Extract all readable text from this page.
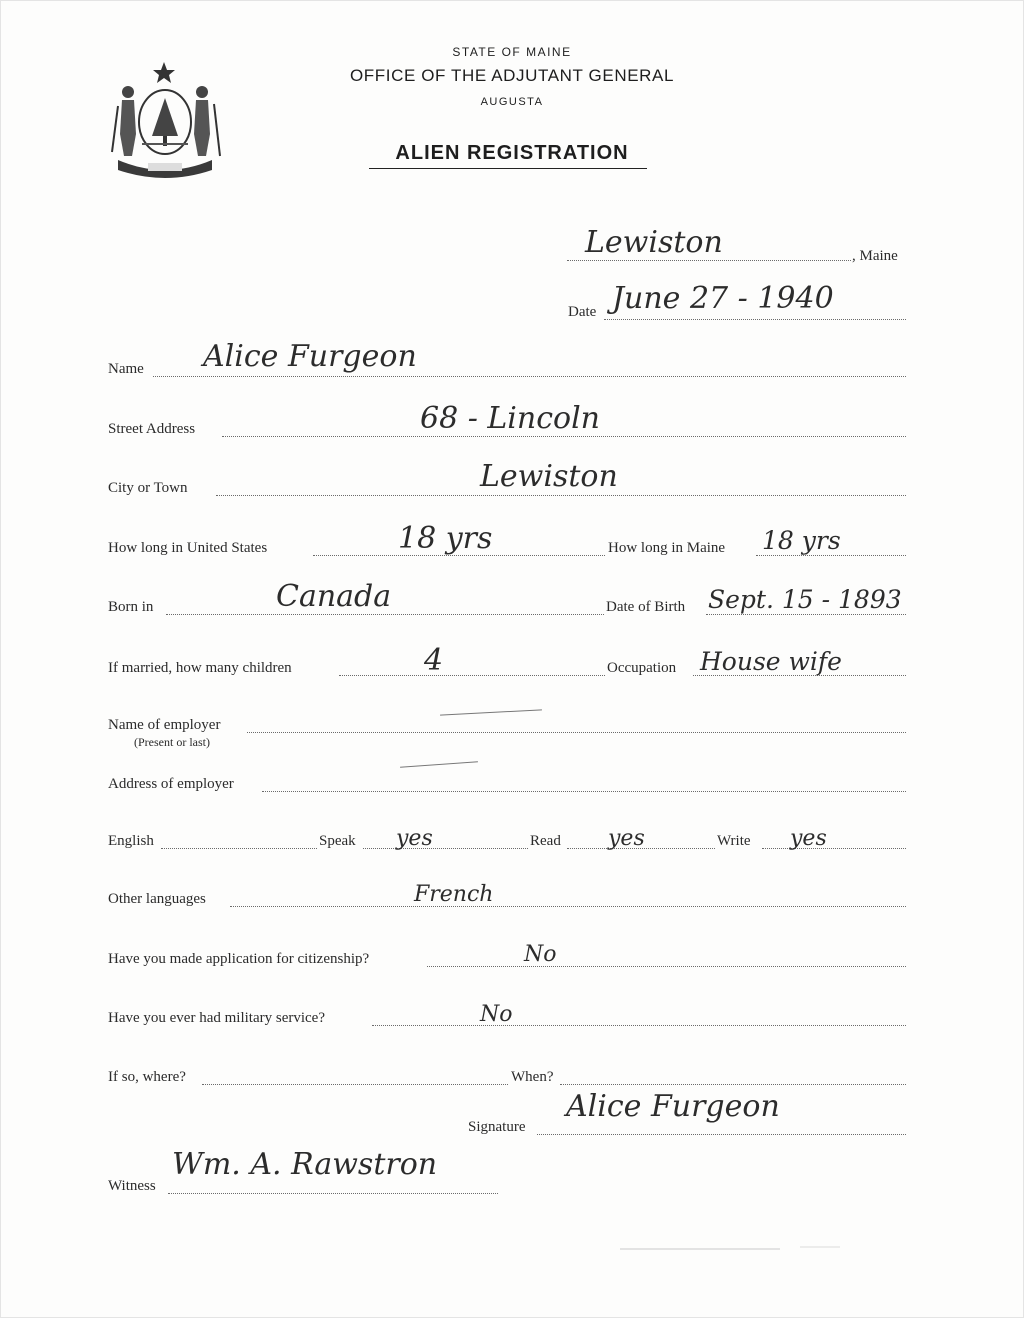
STATE OF MAINE
OFFICE OF THE ADJUTANT GENERAL
AUGUSTA
ALIEN REGISTRATION
Lewiston	, Maine
Date June 27 - 1940
Name Alice Furgeon
Street Address	68 - Lincoln
City or Town	Lewiston
How long in United States	18 yrs	How long in Maine 18 yrs
Born in	Canada	Date of Birth Sept. 15 - 1893
If married, how many children	4	Occupation House wife
Name of employer
(Present or last)
Address of employer
English	Speak yes	Read yes	Write yes
Other languages	French
Have you made application for citizenship?	No
Have you ever had military service?	No
If so, where?	When?
Signature
Alice Furgeon
Witness
Wm. A. Rawstron
